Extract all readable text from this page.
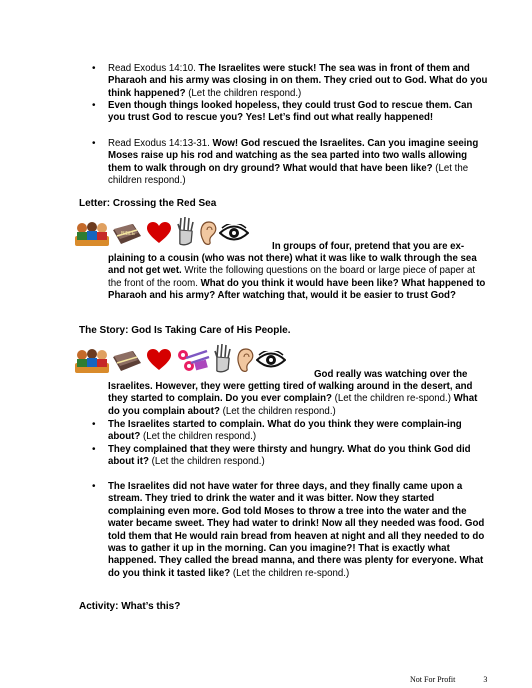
• Read Exodus 14:10. The Israelites were stuck! The sea was in front of them and Pharaoh and his army was closing in on them. They cried out to God. What do you think happened? (Let the children respond.)
• Even though things looked hopeless, they could trust God to rescue them. Can you trust God to rescue you? Yes! Let’s find out what really happened!
• Read Exodus 14:13-31. Wow! God rescued the Israelites. Can you imagine seeing Moses raise up his rod and watching as the sea parted into two walls allowing them to walk through on dry ground? What would that have been like? (Let the children respond.)
Letter: Crossing the Red Sea
BIBLE
In groups of four, pretend that you are ex-
plaining to a cousin (who was not there) what it was like to walk through the sea and not get wet. Write the following questions on the board or large piece of paper at the front of the room. What do you think it would have been like? What happened to Pharaoh and his army? After watching that, would it be easier to trust God?
The Story: God Is Taking Care of His People.
God really was watching over the
Israelites. However, they were getting tired of walking around in the desert, and they started to complain. Do you ever complain? (Let the children re-spond.) What do you complain about? (Let the children respond.)
• The Israelites started to complain. What do you think they were complain-ing about? (Let the children respond.)
• They complained that they were thirsty and hungry. What do you think God did about it? (Let the children respond.)
• The Israelites did not have water for three days, and they finally came upon a stream. They tried to drink the water and it was bitter. Now they started complaining even more. God told Moses to throw a tree into the water and the water became sweet. They had water to drink! Now all they needed was food. God told them that He would rain bread from heaven at night and all they needed to do was to gather it up in the morning. Can you imagine?! That is exactly what happened. They called the bread manna, and there was plenty for everyone. What do you think it tasted like? (Let the children re-spond.)
Activity: What’s this?
Not For Profit	3
